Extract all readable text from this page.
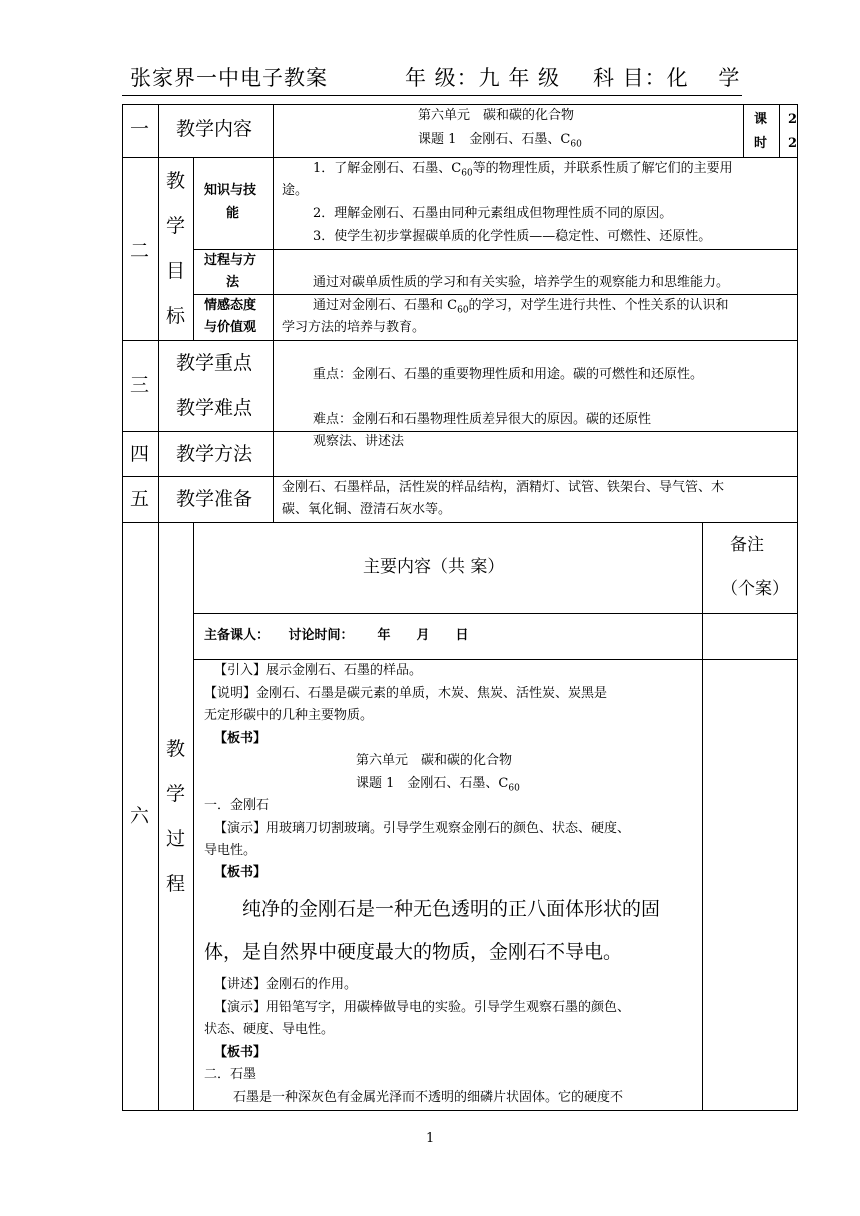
张家界一中电子教案	年 级：九 年 级 科 目：化　 学
一 教学内容
第六单元　碳和碳的化合物
课题 1　金刚石、石墨、$C_{60}$
课
时
2
2
二
教
学
目
标
知识与技
能
1．了解金刚石、石墨、$C_{60}$等的物理性质，并联系性质了解它们的主要用
途。
2．理解金刚石、石墨由同种元素组成但物理性质不同的原因。
3．使学生初步掌握碳单质的化学性质——稳定性、可燃性、还原性。
过程与方
法	通过对碳单质性质的学习和有关实验，培养学生的观察能力和思维能力。
情感态度
与价值观
通过对金刚石、石墨和 $C_{60}$的学习，对学生进行共性、个性关系的认识和
学习方法的培养与教育。
三
教学重点
教学难点
重点：金刚石、石墨的重要物理性质和用途。碳的可燃性和还原性。
难点：金刚石和石墨物理性质差异很大的原因。碳的还原性
四 教学方法
观察法、讲述法
五 教学准备
金刚石、石墨样品，活性炭的样品结构，酒精灯、试管、铁架台、导气管、木
碳、氧化铜、澄清石灰水等。
六
教
学
过
程
主要内容（共 案）
备注
（个案）
主备课人：　　讨论时间：　　 年　　月　　日
【引入】展示金刚石、石墨的样品。
【说明】金刚石、石墨是碳元素的单质，木炭、焦炭、活性炭、炭黑是
无定形碳中的几种主要物质。
【板书】
第六单元　碳和碳的化合物
课题 1　金刚石、石墨、$C_{60}$
一．金刚石
【演示】用玻璃刀切割玻璃。引导学生观察金刚石的颜色、状态、硬度、
导电性。
【板书】
纯净的金刚石是一种无色透明的正八面体形状的固
体，是自然界中硬度最大的物质，金刚石不导电。
【讲述】金刚石的作用。
【演示】用铅笔写字，用碳棒做导电的实验。引导学生观察石墨的颜色、
状态、硬度、导电性。
【板书】
二．石墨
石墨是一种深灰色有金属光泽而不透明的细磷片状固体。它的硬度不
1
